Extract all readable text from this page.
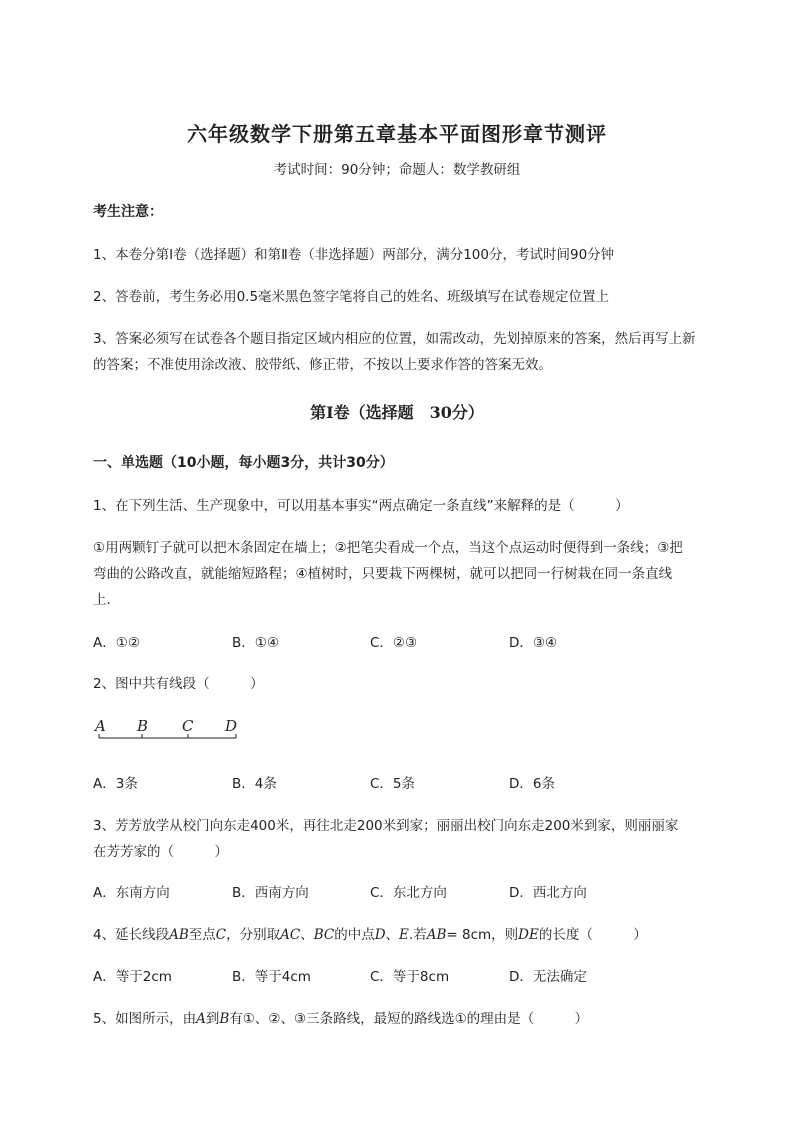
六年级数学下册第五章基本平面图形章节测评
考试时间：90分钟；命题人：数学教研组
考生注意：
1、本卷分第Ⅰ卷（选择题）和第Ⅱ卷（非选择题）两部分，满分100分，考试时间90分钟
2、答卷前，考生务必用0.5毫米黑色签字笔将自己的姓名、班级填写在试卷规定位置上
3、答案必须写在试卷各个题目指定区域内相应的位置，如需改动，先划掉原来的答案，然后再写上新
的答案；不准使用涂改液、胶带纸、修正带，不按以上要求作答的答案无效。
第Ⅰ卷（选择题　30分）
一、单选题（10小题，每小题3分，共计30分）
1、在下列生活、生产现象中，可以用基本事实“两点确定一条直线”来解释的是（　　　）
①用两颗钉子就可以把木条固定在墙上；②把笔尖看成一个点，当这个点运动时便得到一条线；③把
弯曲的公路改直，就能缩短路程；④植树时，只要栽下两棵树，就可以把同一行树栽在同一条直线
上．
A．①②	B．①④	C．②③	D．③④
2、图中共有线段（　　　）
A B C D
A．3条	B．4条	C．5条	D．6条
3、芳芳放学从校门向东走400米，再往北走200米到家；丽丽出校门向东走200米到家，则丽丽家
在芳芳家的（　　　）
A．东南方向	B．西南方向	C．东北方向	D．西北方向
4、延长线段AB至点C，分别取AC、BC的中点D、E.若AB= 8cm，则DE的长度（　　　）
A．等于2cm	B．等于4cm	C．等于8cm	D．无法确定
5、如图所示，由A到B有①、②、③三条路线，最短的路线选①的理由是（　　　）
